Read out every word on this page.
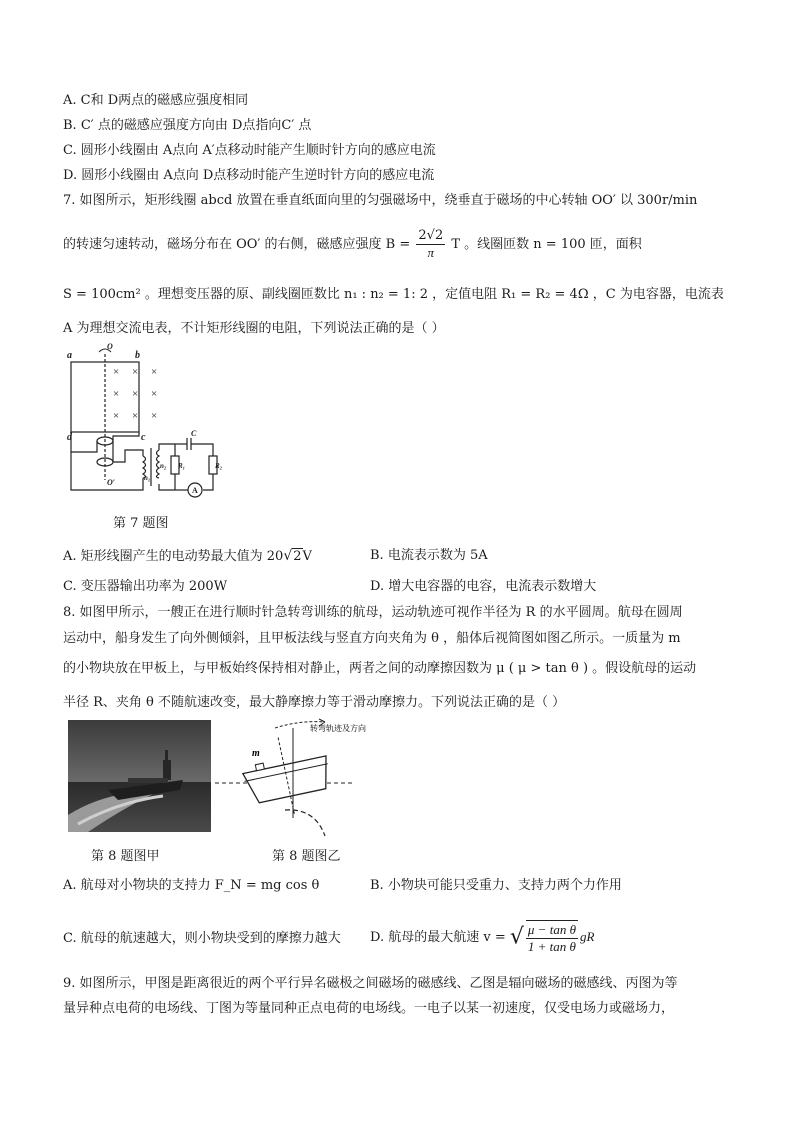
A. C和 D两点的磁感应强度相同
B. C′ 点的磁感应强度方向由 D点指向C′ 点
C. 圆形小线圈由 A点向 A′点移动时能产生顺时针方向的感应电流
D. 圆形小线圈由 A点向 D点移动时能产生逆时针方向的感应电流
7. 如图所示，矩形线圈 abcd 放置在垂直纸面向里的匀强磁场中，绕垂直于磁场的中心转轴 OO′ 以 300r/min
的转速匀速转动，磁场分布在 OO′ 的右侧，磁感应强度 $B = \frac{2√2}{\pi}$ T 。线圈匝数 n = 100 匝，面积
S = 100cm² 。理想变压器的原、副线圈匝数比 n₁ : n₂ = 1: 2 ，定值电阻 R₁ = R₂ = 4Ω ，C 为电容器，电流表
A 为理想交流电表，不计矩形线圈的电阻，下列说法正确的是（ ）
× × ×
× × ×
× × ×
a	b
c
d
O
O′	n₁
n₂ R₁	R₂
C
A
第 7 题图
A. 矩形线圈产生的电动势最大值为 20√2V	B. 电流表示数为 5A
C. 变压器输出功率为 200W	D. 增大电容器的电容，电流表示数增大
8. 如图甲所示，一艘正在进行顺时针急转弯训练的航母，运动轨迹可视作半径为 R 的水平圆周。航母在圆周
运动中，船身发生了向外侧倾斜，且甲板法线与竖直方向夹角为 θ ，船体后视简图如图乙所示。一质量为 m
的小物块放在甲板上，与甲板始终保持相对静止，两者之间的动摩擦因数为 μ ( μ > tan θ ) 。假设航母的运动
半径 R、夹角 θ 不随航速改变，最大静摩擦力等于滑动摩擦力。下列说法正确的是（ ）
第 8 题图甲
m
转弯轨迹及方向
第 8 题图乙
A. 航母对小物块的支持力 F_N = mg cos θ	B. 小物块可能只受重力、支持力两个力作用
C. 航母的航速越大，则小物块受到的摩擦力越大 D. 航母的最大航速 v = √ $\frac{\text{μ − tan θ}}{\text{1 + tan θ}}$ gR
9. 如图所示，甲图是距离很近的两个平行异名磁极之间磁场的磁感线、乙图是辐向磁场的磁感线、丙图为等
量异种点电荷的电场线、丁图为等量同种正点电荷的电场线。一电子以某一初速度，仅受电场力或磁场力，
